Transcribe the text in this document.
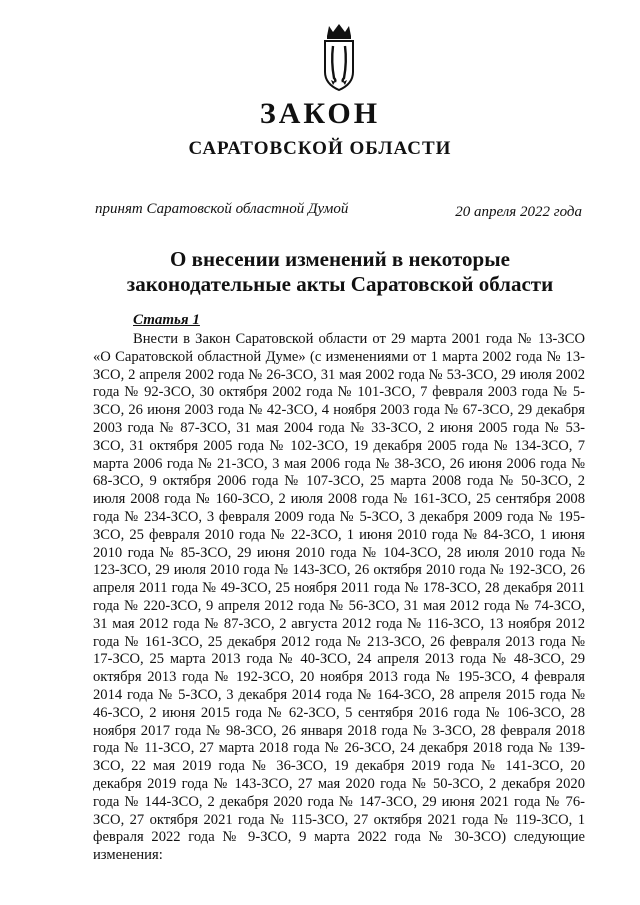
ЗАКОН
САРАТОВСКОЙ ОБЛАСТИ
принят Саратовской областной Думой	20 апреля 2022 года
О внесении изменений в некоторые законодательные акты Саратовской области
Статья 1

Внести в Закон Саратовской области от 29 марта 2001 года № 13-ЗСО «О Саратовской областной Думе» (с изменениями от 1 марта 2002 года № 13-ЗСО, 2 апреля 2002 года № 26-ЗСО, 31 мая 2002 года № 53-ЗСО, 29 июля 2002 года № 92-ЗСО, 30 октября 2002 года № 101-ЗСО, 7 февраля 2003 года № 5-ЗСО, 26 июня 2003 года № 42-ЗСО, 4 ноября 2003 года № 67-ЗСО, 29 декабря 2003 года № 87-ЗСО, 31 мая 2004 года № 33-ЗСО, 2 июня 2005 года № 53-ЗСО, 31 октября 2005 года № 102-ЗСО, 19 декабря 2005 года № 134-ЗСО, 7 марта 2006 года № 21-ЗСО, 3 мая 2006 года № 38-ЗСО, 26 июня 2006 года № 68-ЗСО, 9 октября 2006 года № 107-ЗСО, 25 марта 2008 года № 50-ЗСО, 2 июля 2008 года № 160-ЗСО, 2 июля 2008 года № 161-ЗСО, 25 сентября 2008 года № 234-ЗСО, 3 февраля 2009 года № 5-ЗСО, 3 декабря 2009 года № 195-ЗСО, 25 февраля 2010 года № 22-ЗСО, 1 июня 2010 года № 84-ЗСО, 1 июня 2010 года № 85-ЗСО, 29 июня 2010 года № 104-ЗСО, 28 июля 2010 года № 123-ЗСО, 29 июля 2010 года № 143-ЗСО, 26 октября 2010 года № 192-ЗСО, 26 апреля 2011 года № 49-ЗСО, 25 ноября 2011 года № 178-ЗСО, 28 декабря 2011 года № 220-ЗСО, 9 апреля 2012 года № 56-ЗСО, 31 мая 2012 года № 74-ЗСО, 31 мая 2012 года № 87-ЗСО, 2 августа 2012 года № 116-ЗСО, 13 ноября 2012 года № 161-ЗСО, 25 декабря 2012 года № 213-ЗСО, 26 февраля 2013 года № 17-ЗСО, 25 марта 2013 года № 40-ЗСО, 24 апреля 2013 года № 48-ЗСО, 29 октября 2013 года № 192-ЗСО, 20 ноября 2013 года № 195-ЗСО, 4 февраля 2014 года № 5-ЗСО, 3 декабря 2014 года № 164-ЗСО, 28 апреля 2015 года № 46-ЗСО, 2 июня 2015 года № 62-ЗСО, 5 сентября 2016 года № 106-ЗСО, 28 ноября 2017 года № 98-ЗСО, 26 января 2018 года № 3-ЗСО, 28 февраля 2018 года № 11-ЗСО, 27 марта 2018 года № 26-ЗСО, 24 декабря 2018 года № 139-ЗСО, 22 мая 2019 года № 36-ЗСО, 19 декабря 2019 года № 141-ЗСО, 20 декабря 2019 года № 143-ЗСО, 27 мая 2020 года № 50-ЗСО, 2 декабря 2020 года № 144-ЗСО, 2 декабря 2020 года № 147-ЗСО, 29 июня 2021 года № 76-ЗСО, 27 октября 2021 года № 115-ЗСО, 27 октября 2021 года № 119-ЗСО, 1 февраля 2022 года № 9-ЗСО, 9 марта 2022 года № 30-ЗСО) следующие изменения:
